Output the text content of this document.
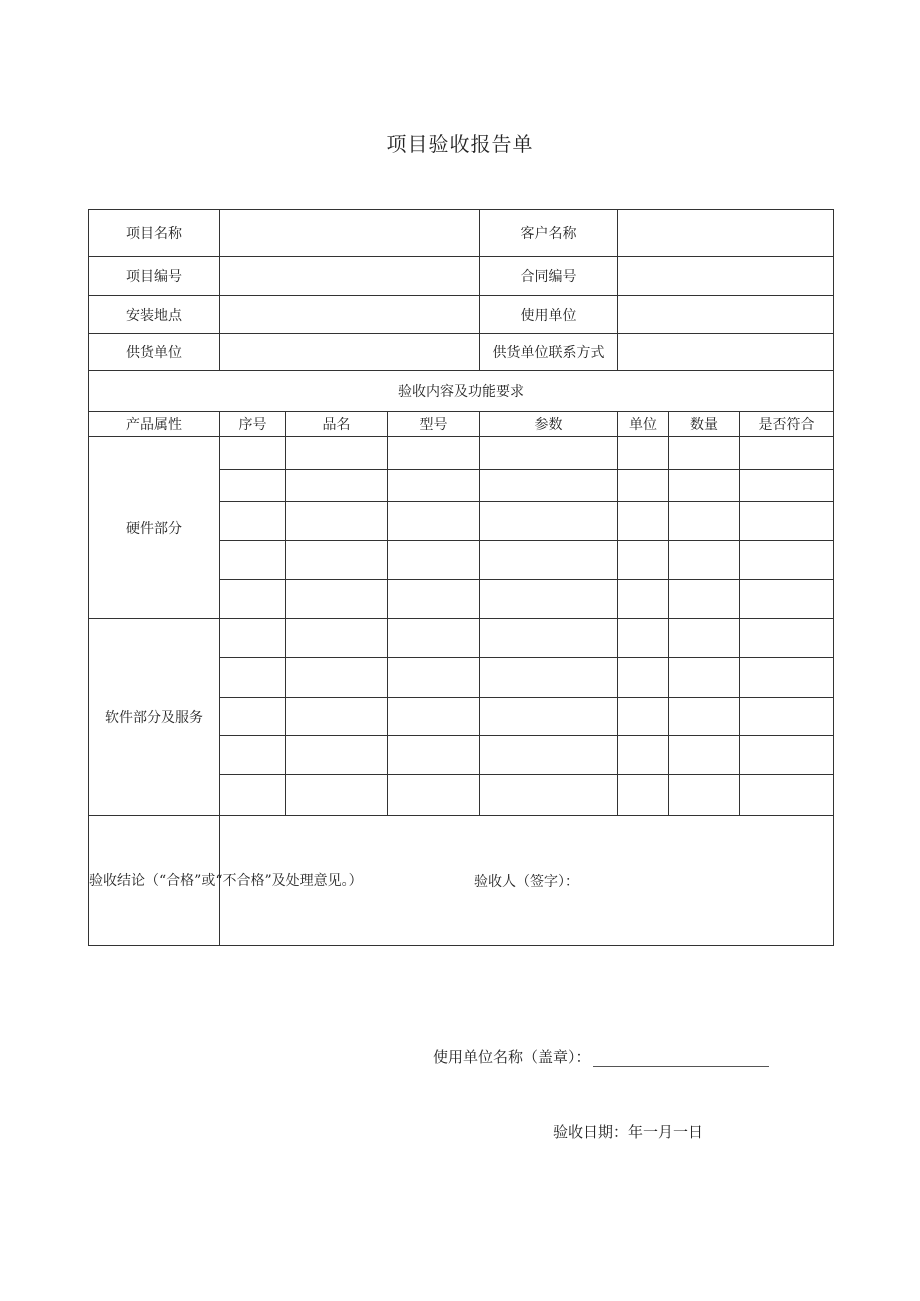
项目验收报告单
项目名称				客户名称			
项目编号				合同编号			
安装地点				使用单位			
供货单位				供货单位联系方式			
验收内容及功能要求							
产品属性	序号	品名	型号	参数	单位	数量	是否符合
硬件部分							

软件部分及服务							

验收结论（“合格”或“不合格”及处理意见。）	验收人（签字）：						
使用单位名称（盖章）：
验收日期：年一月一日
